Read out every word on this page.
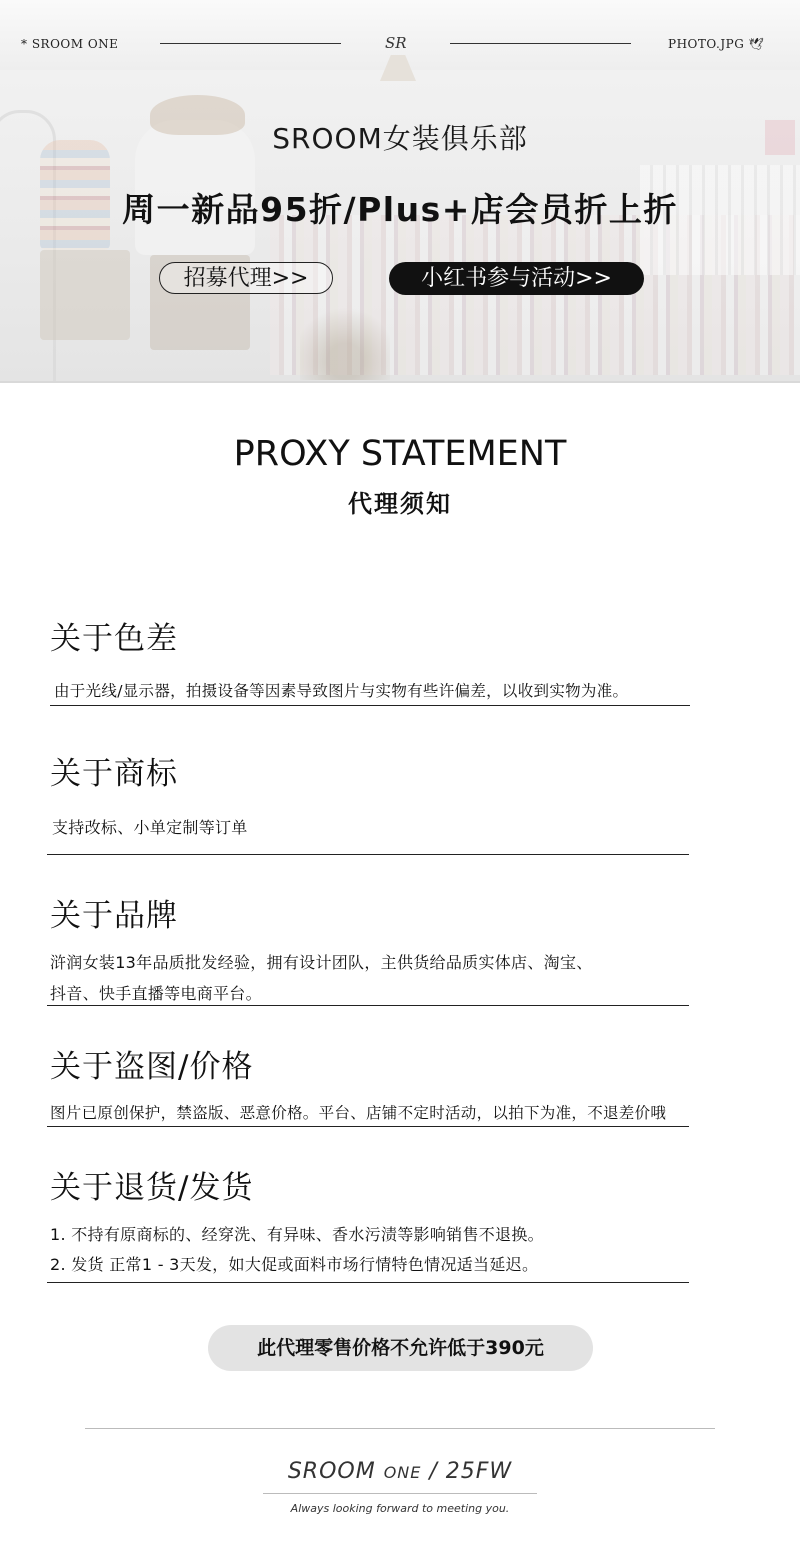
* SROOM ONE	SR	PHOTO.JPG 🕊
SROOM女装俱乐部
周一新品95折/Plus+店会员折上折
招募代理>>	小红书参与活动>>
PROXY STATEMENT
代理须知
关于色差
由于光线/显示器，拍摄设备等因素导致图片与实物有些许偏差，以收到实物为准。
关于商标
支持改标、小单定制等订单
关于品牌
浒润女装13年品质批发经验，拥有设计团队，主供货给品质实体店、淘宝、
抖音、快手直播等电商平台。
关于盗图/价格
图片已原创保护，禁盗版、恶意价格。平台、店铺不定时活动，以拍下为准，不退差价哦
关于退货/发货
1. 不持有原商标的、经穿洗、有异味、香水污渍等影响销售不退换。
2. 发货 正常1 - 3天发，如大促或面料市场行情特色情况适当延迟。
此代理零售价格不允许低于390元
SROOM ONE / 25FW
Always looking forward to meeting you.
